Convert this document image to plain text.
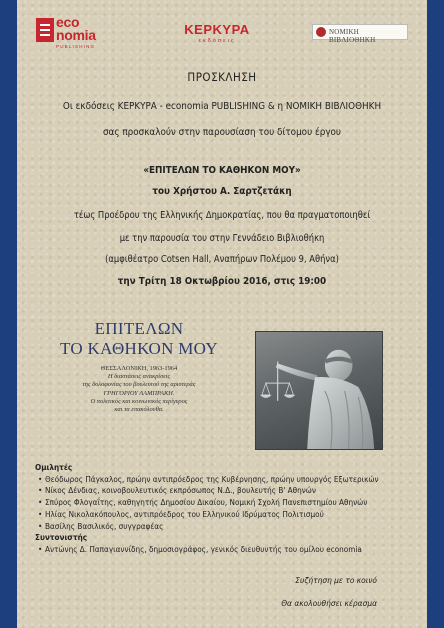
eco
nomia
PUBLISHING
ΚΕΡΚΥΡΑ
εκδόσεις
ΝΟΜΙΚΗ ΒΙΒΛΙΟΘΗΚΗ
ΠΡΟΣΚΛΗΣΗ
Οι εκδόσεις ΚΕΡΚΥΡΑ - economia PUBLISHING & η ΝΟΜΙΚΗ ΒΙΒΛΙΟΘΗΚΗ
σας προσκαλούν στην παρουσίαση του δίτομου έργου
«ΕΠΙΤΕΛΩΝ ΤΟ ΚΑΘΗΚΟΝ ΜΟΥ»
του Χρήστου Α. Σαρτζετάκη
τέως Προέδρου της Ελληνικής Δημοκρατίας, που θα πραγματοποιηθεί
με την παρουσία του στην Γεννάδειο Βιβλιοθήκη
(αμφιθέατρο Cotsen Hall, Αναπήρων Πολέμου 9, Αθήνα)
την Τρίτη 18 Οκτωβρίου 2016, στις 19:00
ΕΠΙΤΕΛΩΝ
ΤΟ ΚΑΘΗΚΟΝ ΜΟΥ
ΘΕΣΣΑΛΟΝΙΚΗ, 1963-1964
Η διαστάσεις ανακρίσεις
της δολοφονίας του βουλευτού της αριστεράς
ΓΡΗΓΟΡΙΟΥ ΛΑΜΠΡΑΚΗ.
Ο πολιτικός και κοινωνικός περίγυρος
και τα επακόλουθα.
Ομιλητές
• Θεόδωρος Πάγκαλος, πρώην αντιπρόεδρος της Κυβέρνησης, πρώην υπουργός Εξωτερικών
• Νίκος Δένδιας, κοινοβουλευτικός εκπρόσωπος Ν.Δ., βουλευτής Β' Αθηνών
• Σπύρος Φλογαΐτης, καθηγητής Δημοσίου Δικαίου, Νομική Σχολή Πανεπιστημίου Αθηνών
• Ηλίας Νικολακόπουλος, αντιπρόεδρος του Ελληνικού Ιδρύματος Πολιτισμού
• Βασίλης Βασιλικός, συγγραφέας
Συντονιστής
• Αντώνης Δ. Παπαγιαννίδης, δημοσιογράφος, γενικός διευθυντής του ομίλου economia
Συζήτηση με το κοινό
Θα ακολουθήσει κέρασμα
